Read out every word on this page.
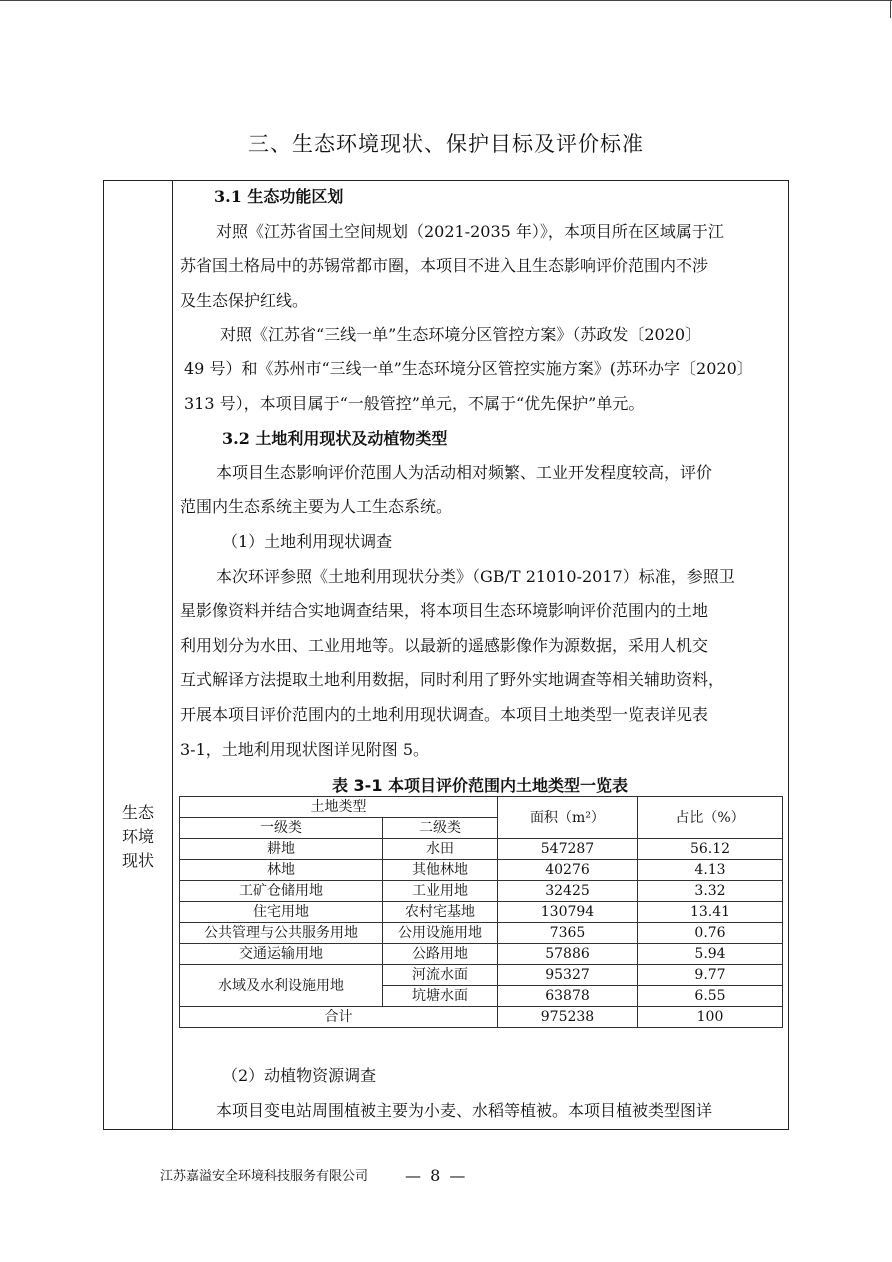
三、生态环境现状、保护目标及评价标准
生态
环境
现状
3.1 生态功能区划
对照《江苏省国土空间规划（2021-2035 年）》，本项目所在区域属于江
苏省国土格局中的苏锡常都市圈，本项目不进入且生态影响评价范围内不涉
及生态保护红线。
对照《江苏省“三线一单”生态环境分区管控方案》（苏政发〔2020〕
49 号）和《苏州市“三线一单”生态环境分区管控实施方案》(苏环办字〔2020〕
313 号），本项目属于“一般管控”单元，不属于“优先保护”单元。
3.2 土地利用现状及动植物类型
本项目生态影响评价范围人为活动相对频繁、工业开发程度较高，评价
范围内生态系统主要为人工生态系统。
（1）土地利用现状调查
本次环评参照《土地利用现状分类》（GB/T 21010-2017）标准，参照卫
星影像资料并结合实地调查结果，将本项目生态环境影响评价范围内的土地
利用划分为水田、工业用地等。以最新的遥感影像作为源数据，采用人机交
互式解译方法提取土地利用数据，同时利用了野外实地调查等相关辅助资料，
开展本项目评价范围内的土地利用现状调查。本项目土地类型一览表详见表
3-1，土地利用现状图详见附图 5。
表 3-1 本项目评价范围内土地类型一览表
土地类型		面积（m²）	占比（%）
一级类	二级类		
耕地	水田	547287	56.12
林地	其他林地	40276	4.13
工矿仓储用地	工业用地	32425	3.32
住宅用地	农村宅基地	130794	13.41
公共管理与公共服务用地	公用设施用地	7365	0.76
交通运输用地	公路用地	57886	5.94
水域及水利设施用地	河流水面	95327	9.77
	坑塘水面	63878	6.55
合计		975238	100
（2）动植物资源调查
本项目变电站周围植被主要为小麦、水稻等植被。本项目植被类型图详
江苏嘉溢安全环境科技服务有限公司 — 8 —
